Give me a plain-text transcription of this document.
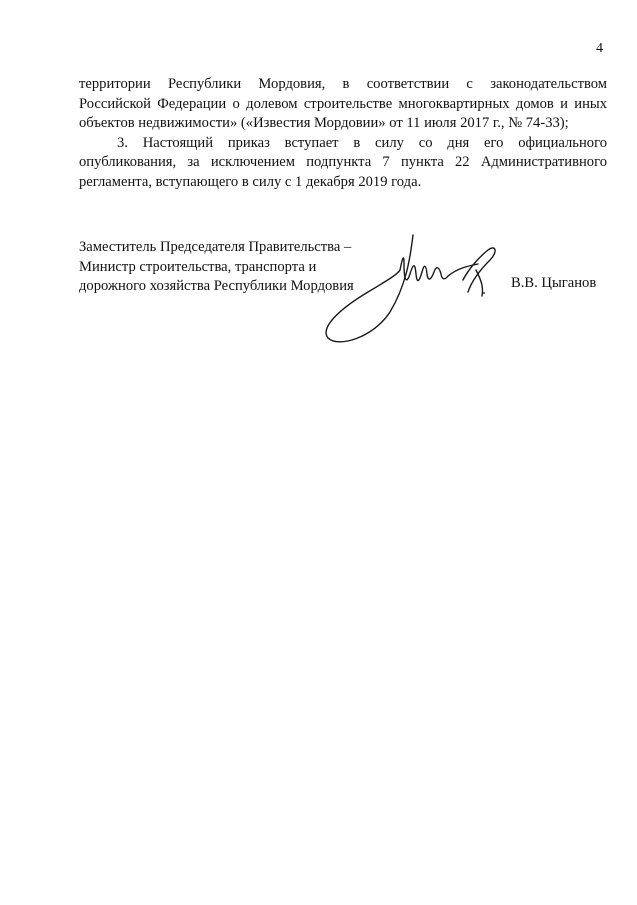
4
территории Республики Мордовия, в соответствии с законодательством
Российской Федерации о долевом строительстве многоквартирных домов и иных
объектов недвижимости» («Известия Мордовии» от 11 июля 2017 г., № 74-33);
3. Настоящий приказ вступает в силу со дня его официального
опубликования, за исключением подпункта 7 пункта 22 Административного
регламента, вступающего в силу с 1 декабря 2019 года.
Заместитель Председателя Правительства –
Министр строительства, транспорта и
дорожного хозяйства Республики Мордовия	В.В. Цыганов
